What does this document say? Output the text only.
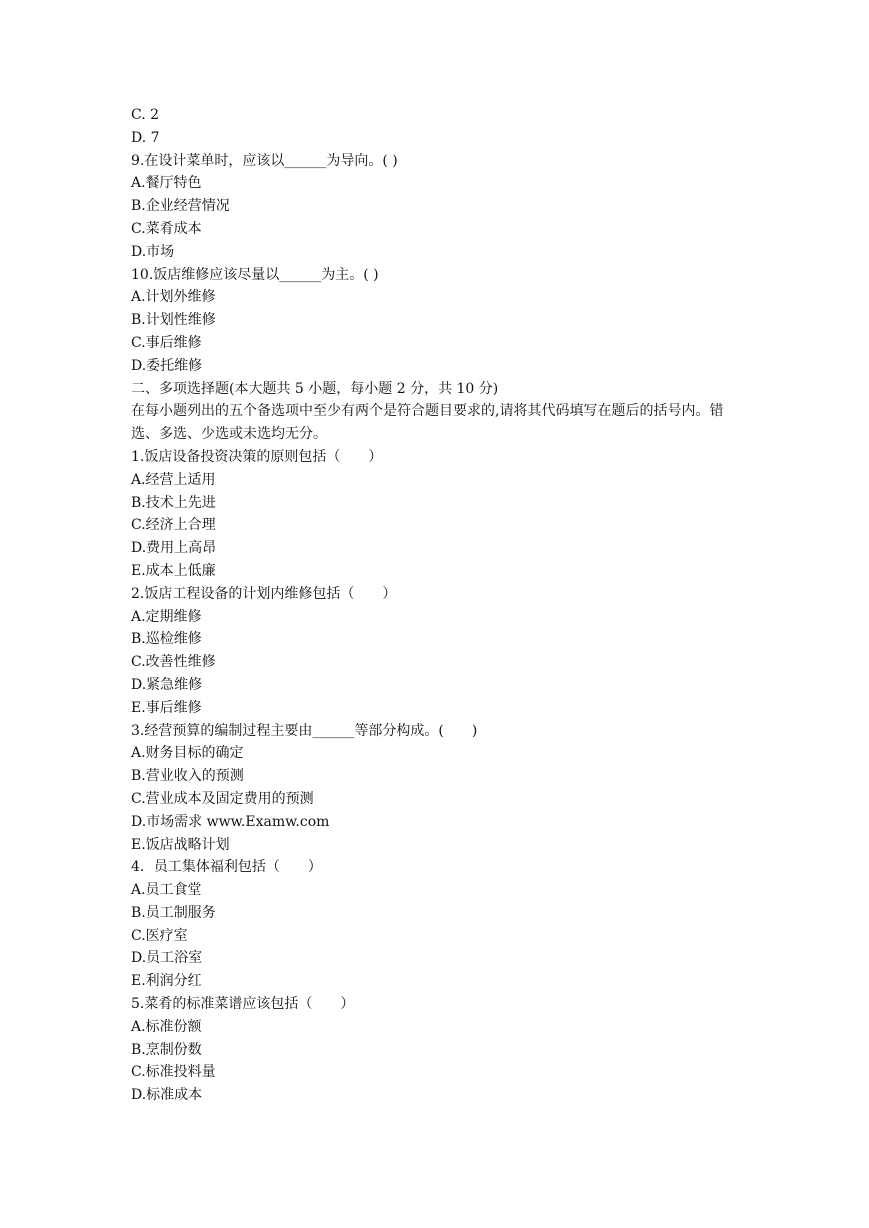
C. 2
D. 7
9.在设计菜单时，应该以______为导向。( )
A.餐厅特色
B.企业经营情况
C.菜肴成本
D.市场
10.饭店维修应该尽量以______为主。( )
A.计划外维修
B.计划性维修
C.事后维修
D.委托维修
二、多项选择题(本大题共 5 小题，每小题 2 分，共 10 分)
在每小题列出的五个备选项中至少有两个是符合题目要求的,请将其代码填写在题后的括号内。错选、多选、少选或未选均无分。
1.饭店设备投资决策的原则包括（　　）
A.经营上适用
B.技术上先进
C.经济上合理
D.费用上高昂
E.成本上低廉
2.饭店工程设备的计划内维修包括（　　）
A.定期维修
B.巡检维修
C.改善性维修
D.紧急维修
E.事后维修
3.经营预算的编制过程主要由______等部分构成。(　　)
A.财务目标的确定
B.营业收入的预测
C.营业成本及固定费用的预测
D.市场需求 www.Examw.com
E.饭店战略计划
4．员工集体福利包括（　　）
A.员工食堂
B.员工制服务
C.医疗室
D.员工浴室
E.利润分红
5.菜肴的标准菜谱应该包括（　　）
A.标准份额
B.烹制份数
C.标准投料量
D.标准成本
